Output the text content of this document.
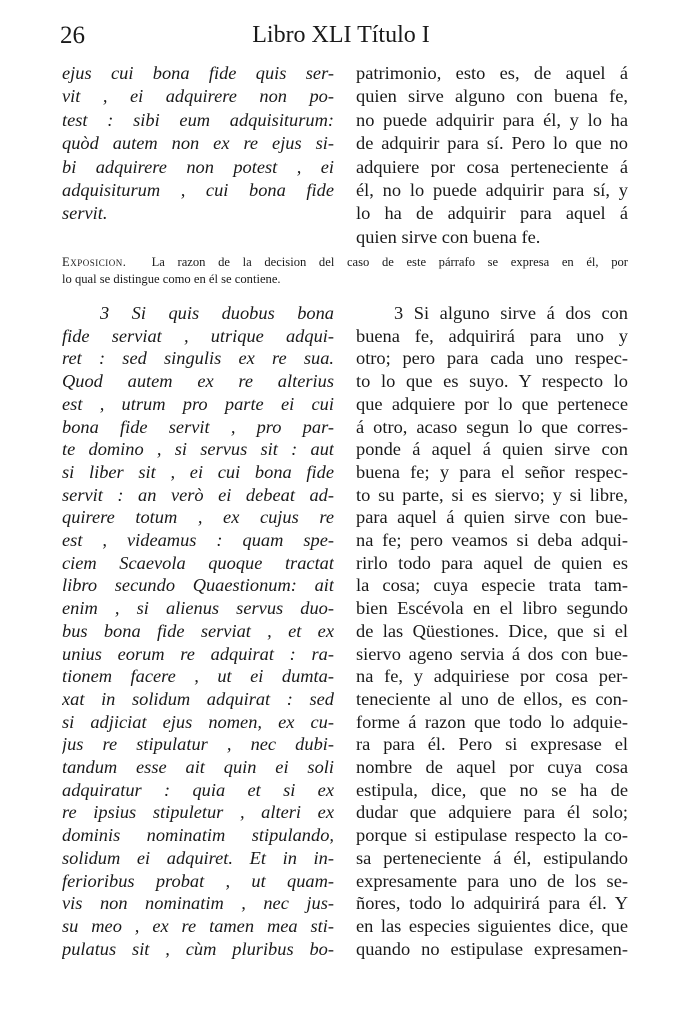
26	Libro XLI Título I
ejus cui bona fide quis ser-
vit , ei adquirere non po-
test : sibi eum adquisiturum:
quòd autem non ex re ejus si-
bi adquirere non potest , ei
adquisiturum , cui bona fide
servit.
patrimonio, esto es, de aquel á
quien sirve alguno con buena fe,
no puede adquirir para él, y lo ha
de adquirir para sí. Pero lo que no
adquiere por cosa perteneciente á
él, no lo puede adquirir para sí, y
lo ha de adquirir para aquel á
quien sirve con buena fe.
Exposicion. La razon de la decision del caso de este párrafo se expresa en él, por
lo qual se distingue como en él se contiene.
3 Si quis duobus bona
fide serviat , utrique adqui-
ret : sed singulis ex re sua.
Quod autem ex re alterius
est , utrum pro parte ei cui
bona fide servit , pro par-
te domino , si servus sit : aut
si liber sit , ei cui bona fide
servit : an verò ei debeat ad-
quirere totum , ex cujus re
est , videamus : quam spe-
ciem Scaevola quoque tractat
libro secundo Quaestionum: ait
enim , si alienus servus duo-
bus bona fide serviat , et ex
unius eorum re adquirat : ra-
tionem facere , ut ei dumta-
xat in solidum adquirat : sed
si adjiciat ejus nomen, ex cu-
jus re stipulatur , nec dubi-
tandum esse ait quin ei soli
adquiratur : quia et si ex
re ipsius stipuletur , alteri ex
dominis nominatim stipulando,
solidum ei adquiret. Et in in-
ferioribus probat , ut quam-
vis non nominatim , nec jus-
su meo , ex re tamen mea sti-
pulatus sit , cùm pluribus bo-
3 Si alguno sirve á dos con
buena fe, adquirirá para uno y
otro; pero para cada uno respec-
to lo que es suyo. Y respecto lo
que adquiere por lo que pertenece
á otro, acaso segun lo que corres-
ponde á aquel á quien sirve con
buena fe; y para el señor respec-
to su parte, si es siervo; y si libre,
para aquel á quien sirve con bue-
na fe; pero veamos si deba adqui-
rirlo todo para aquel de quien es
la cosa; cuya especie trata tam-
bien Escévola en el libro segundo
de las Qüestiones. Dice, que si el
siervo ageno servia á dos con bue-
na fe, y adquiriese por cosa per-
teneciente al uno de ellos, es con-
forme á razon que todo lo adquie-
ra para él. Pero si expresase el
nombre de aquel por cuya cosa
estipula, dice, que no se ha de
dudar que adquiere para él solo;
porque si estipulase respecto la co-
sa perteneciente á él, estipulando
expresamente para uno de los se-
ñores, todo lo adquirirá para él. Y
en las especies siguientes dice, que
quando no estipulase expresamen-
